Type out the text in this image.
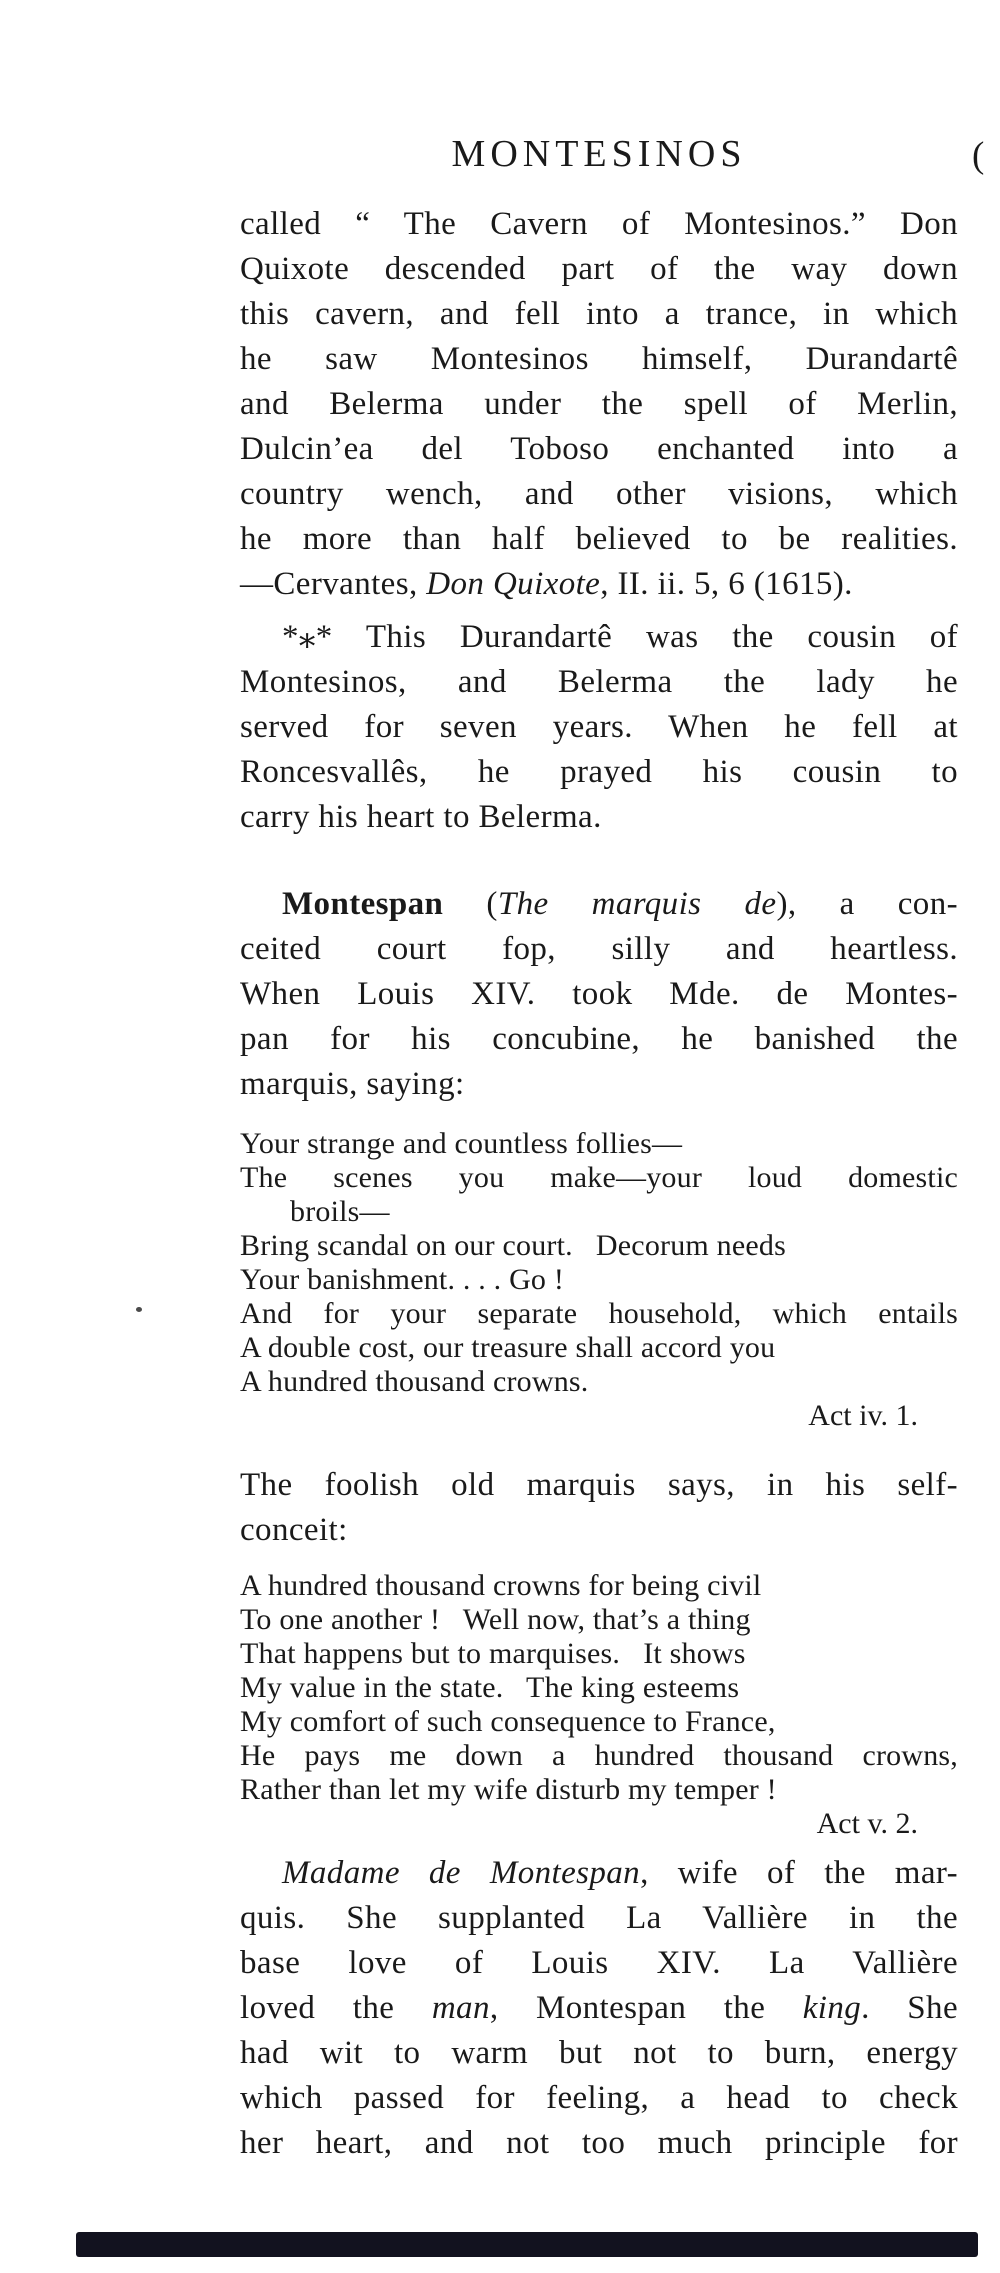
(
MONTESINOS
called “ The Cavern of Montesinos.” Don
Quixote descended part of the way down
this cavern, and fell into a trance, in which
he saw Montesinos himself, Durandartê
and Belerma under the spell of Merlin,
Dulcin’ea del Toboso enchanted into a
country wench, and other visions, which
he more than half believed to be realities.
—Cervantes, Don Quixote, II. ii. 5, 6 (1615).
*⁎* This Durandartê was the cousin of
Montesinos, and Belerma the lady he
served for seven years. When he fell at
Roncesvallês, he prayed his cousin to
carry his heart to Belerma.
Montespan (The marquis de), a con-
ceited court fop, silly and heartless.
When Louis XIV. took Mde. de Montes-
pan for his concubine, he banished the
marquis, saying:
Your strange and countless follies—
The scenes you make—your loud domestic
broils—
Bring scandal on our court.   Decorum needs
Your banishment. . . . Go !
And for your separate household, which entails
A double cost, our treasure shall accord you
A hundred thousand crowns.
Act iv. 1.
The foolish old marquis says, in his self-
conceit:
A hundred thousand crowns for being civil
To one another !   Well now, that’s a thing
That happens but to marquises.   It shows
My value in the state.   The king esteems
My comfort of such consequence to France,
He pays me down a hundred thousand crowns,
Rather than let my wife disturb my temper !
Act v. 2.
Madame de Montespan, wife of the mar-
quis. She supplanted La Vallière in the
base love of Louis XIV. La Vallière
loved the man, Montespan the king. She
had wit to warm but not to burn, energy
which passed for feeling, a head to check
her heart, and not too much principle for
